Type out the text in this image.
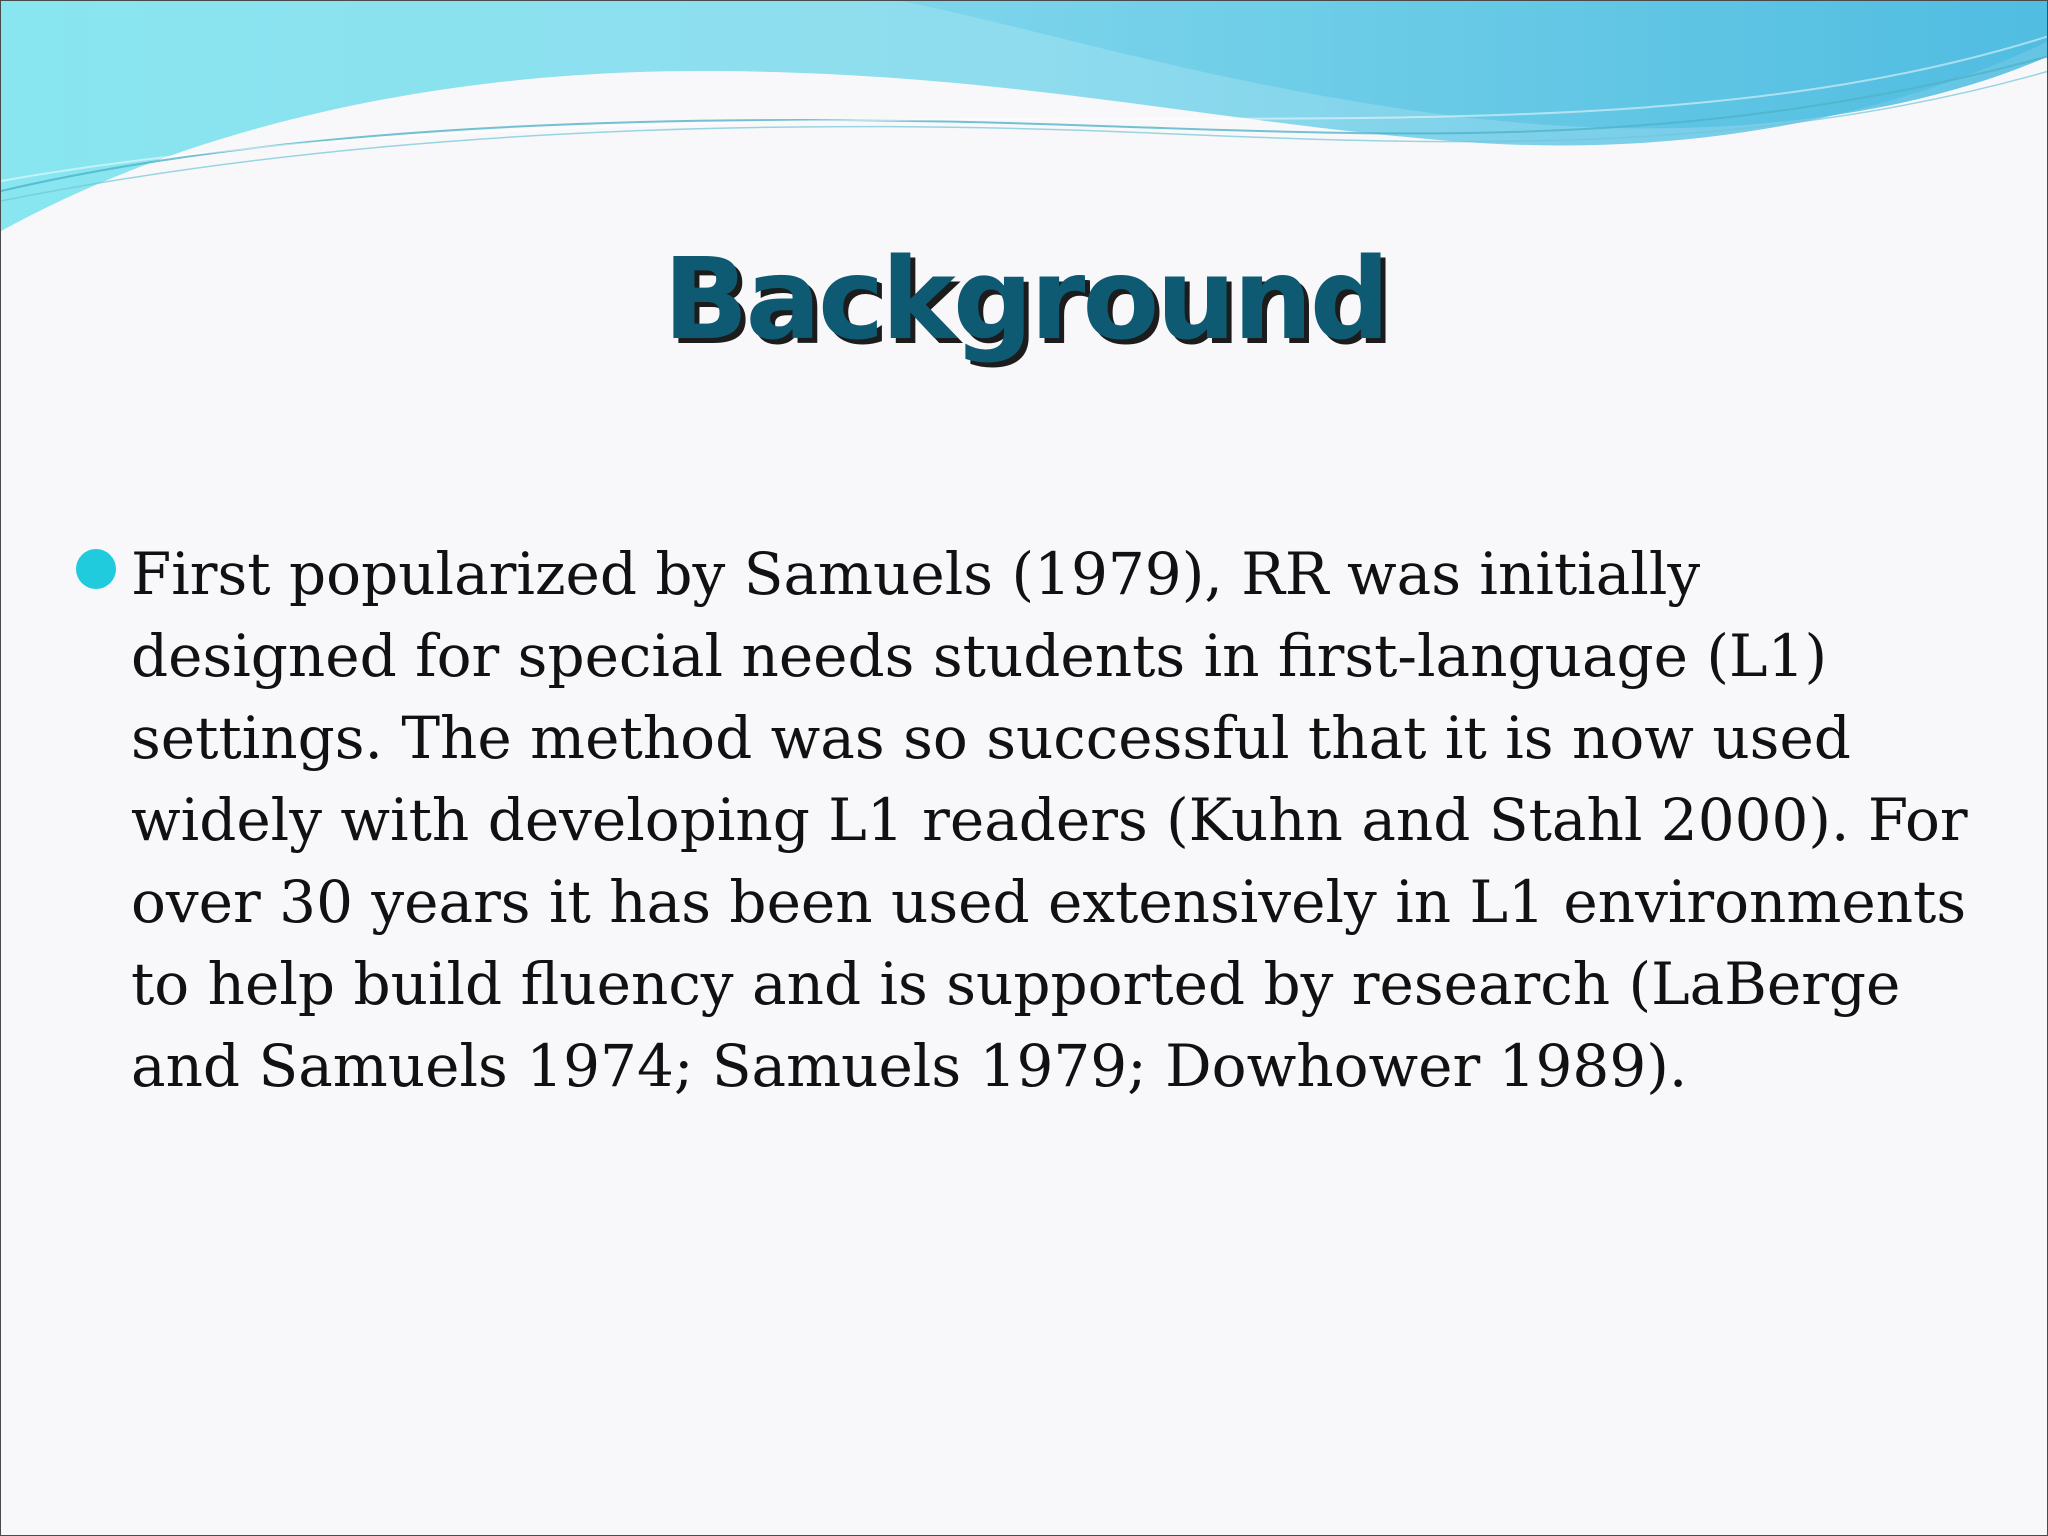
Background

First popularized by Samuels (1979), RR was initially designed for special needs students in first-language (L1) settings. The method was so successful that it is now used widely with developing L1 readers (Kuhn and Stahl 2000). For over 30 years it has been used extensively in L1 environments to help build fluency and is supported by research (LaBerge and Samuels 1974; Samuels 1979; Dowhower 1989).
